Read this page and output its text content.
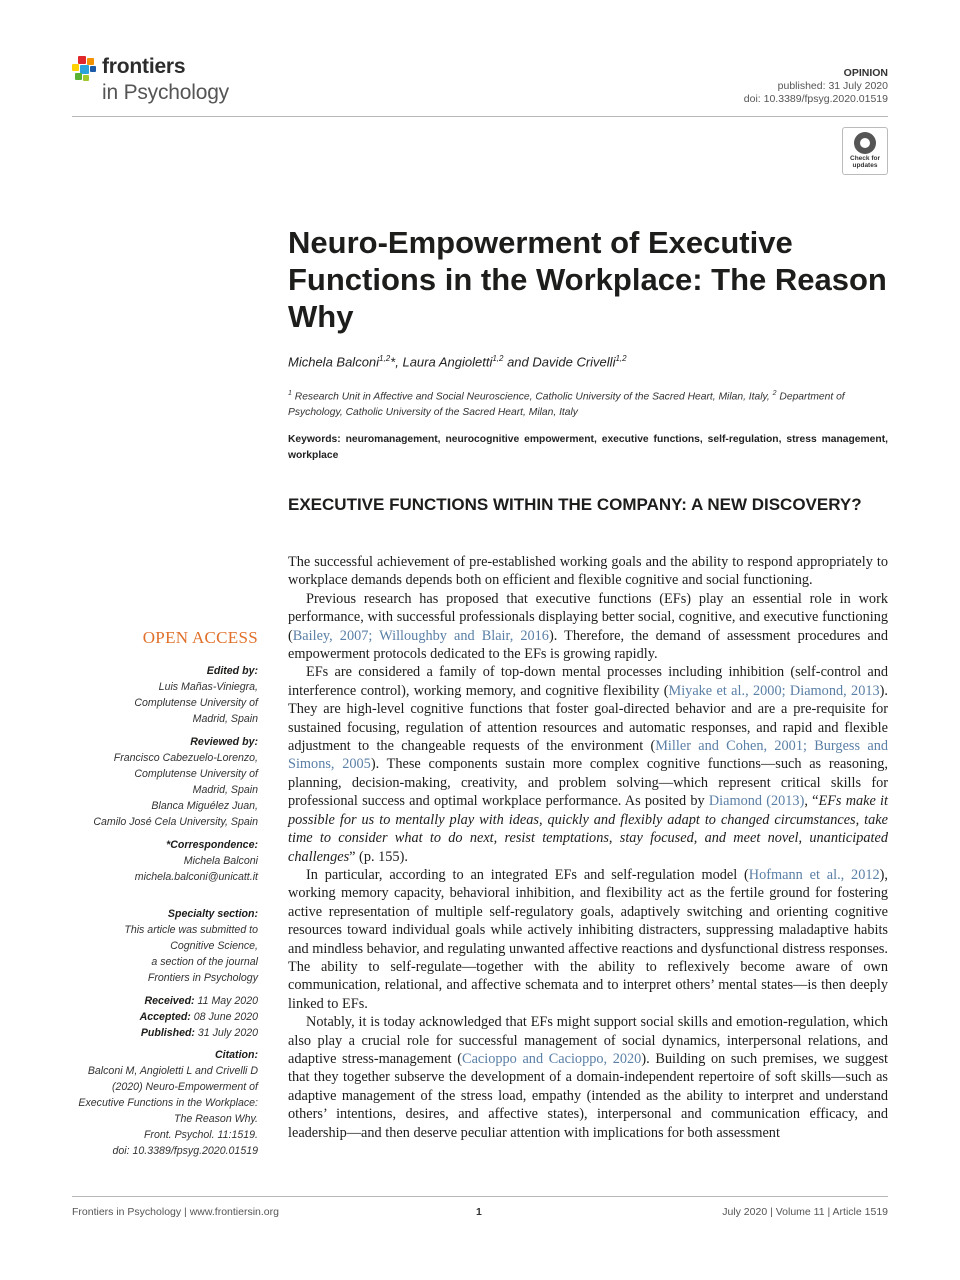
frontiers
in Psychology
OPINION
published: 31 July 2020
doi: 10.3389/fpsyg.2020.01519
Check for
updates
Neuro-Empowerment of Executive Functions in the Workplace: The Reason Why
Michela Balconi$^{1,2}$*, Laura Angioletti$^{1,2}$ and Davide Crivelli$^{1,2}$
$^1$ Research Unit in Affective and Social Neuroscience, Catholic University of the Sacred Heart, Milan, Italy, $^2$ Department of Psychology, Catholic University of the Sacred Heart, Milan, Italy
Keywords: neuromanagement, neurocognitive empowerment, executive functions, self-regulation, stress management, workplace
EXECUTIVE FUNCTIONS WITHIN THE COMPANY: A NEW DISCOVERY?

The successful achievement of pre-established working goals and the ability to respond appropriately to workplace demands depends both on efficient and flexible cognitive and social functioning.

Previous research has proposed that executive functions (EFs) play an essential role in work performance, with successful professionals displaying better social, cognitive, and executive functioning (Bailey, 2007; Willoughby and Blair, 2016). Therefore, the demand of assessment procedures and empowerment protocols dedicated to the EFs is growing rapidly.

EFs are considered a family of top-down mental processes including inhibition (self-control and interference control), working memory, and cognitive flexibility (Miyake et al., 2000; Diamond, 2013). They are high-level cognitive functions that foster goal-directed behavior and are a pre-requisite for sustained focusing, regulation of attention resources and automatic responses, and rapid and flexible adjustment to the changeable requests of the environment (Miller and Cohen, 2001; Burgess and Simons, 2005). These components sustain more complex cognitive functions—such as reasoning, planning, decision-making, creativity, and problem solving—which represent critical skills for professional success and optimal workplace performance. As posited by Diamond (2013), “EFs make it possible for us to mentally play with ideas, quickly and flexibly adapt to changed circumstances, take time to consider what to do next, resist temptations, stay focused, and meet novel, unanticipated challenges” (p. 155).

In particular, according to an integrated EFs and self-regulation model (Hofmann et al., 2012), working memory capacity, behavioral inhibition, and flexibility act as the fertile ground for fostering active representation of multiple self-regulatory goals, adaptively switching and orienting cognitive resources toward individual goals while actively inhibiting distracters, suppressing maladaptive habits and mindless behavior, and regulating unwanted affective reactions and dysfunctional distress responses. The ability to self-regulate—together with the ability to reflexively become aware of own communication, relational, and affective schemata and to interpret others’ mental states—is then deeply linked to EFs.

Notably, it is today acknowledged that EFs might support social skills and emotion-regulation, which also play a crucial role for successful management of social dynamics, interpersonal relations, and adaptive stress-management (Cacioppo and Cacioppo, 2020). Building on such premises, we suggest that they together subserve the development of a domain-independent repertoire of soft skills—such as adaptive management of the stress load, empathy (intended as the ability to interpret and understand others’ intentions, desires, and affective states), interpersonal and communication efficacy, and leadership—and then deserve peculiar attention with implications for both assessment

OPEN ACCESS
Edited by:
Luis Mañas-Viniegra,
Complutense University of
Madrid, Spain
Reviewed by:
Francisco Cabezuelo-Lorenzo,
Complutense University of
Madrid, Spain
Blanca Miguélez Juan,
Camilo José Cela University, Spain
*Correspondence:
Michela Balconi
michela.balconi@unicatt.it
Specialty section:
This article was submitted to
Cognitive Science,
a section of the journal
Frontiers in Psychology
Received: 11 May 2020
Accepted: 08 June 2020
Published: 31 July 2020
Citation:
Balconi M, Angioletti L and Crivelli D
(2020) Neuro-Empowerment of
Executive Functions in the Workplace:
The Reason Why.
Front. Psychol. 11:1519.
doi: 10.3389/fpsyg.2020.01519
Frontiers in Psychology | www.frontiersin.org	1	July 2020 | Volume 11 | Article 1519
